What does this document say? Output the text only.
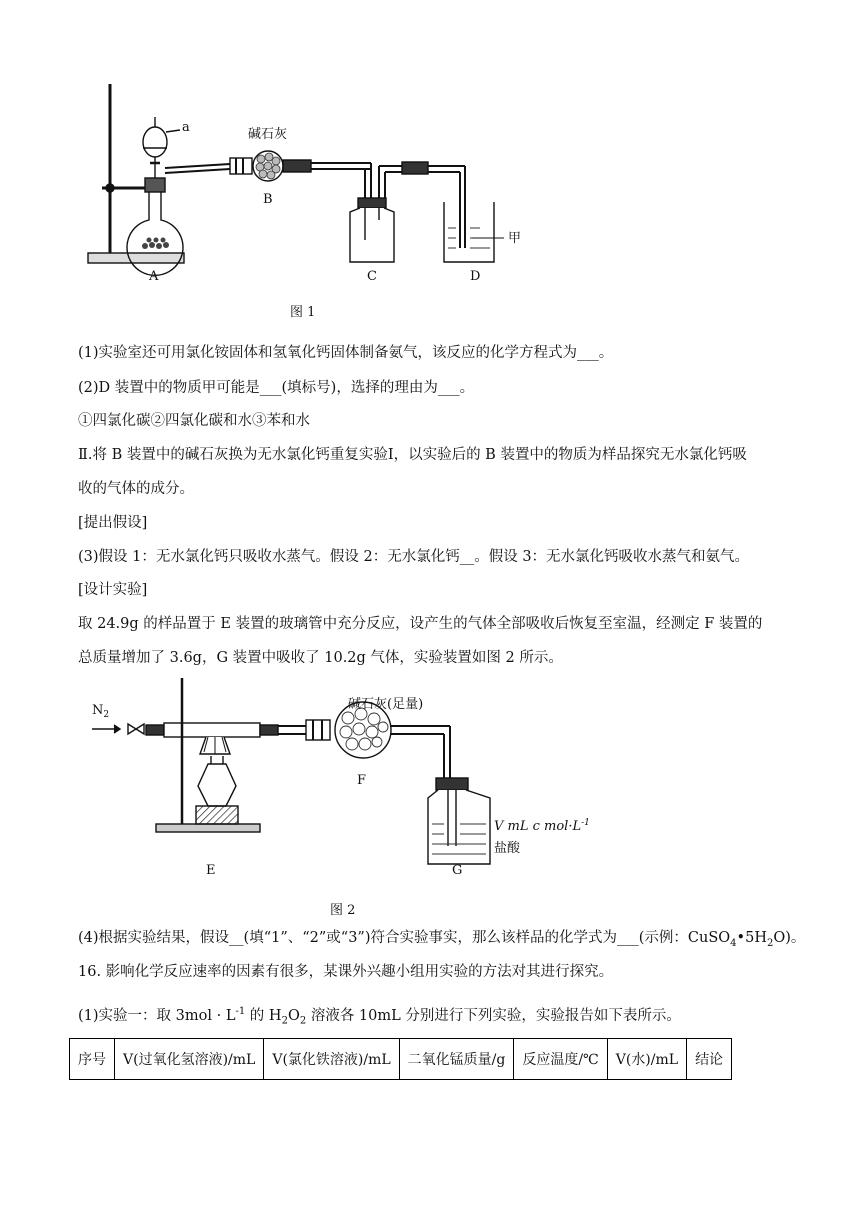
a	碱石灰
B
A	C	D
甲
图 1
(1)实验室还可用氯化铵固体和氢氧化钙固体制备氨气，该反应的化学方程式为___。
(2)D 装置中的物质甲可能是___(填标号)，选择的理由为___。
①四氯化碳②四氯化碳和水③苯和水
Ⅱ.将 B 装置中的碱石灰换为无水氯化钙重复实验Ⅰ，以实验后的 B 装置中的物质为样品探究无水氯化钙吸
收的气体的成分。
[提出假设]
(3)假设 1：无水氯化钙只吸收水蒸气。假设 2：无水氯化钙__。假设 3：无水氯化钙吸收水蒸气和氨气。
[设计实验]
取 24.9g 的样品置于 E 装置的玻璃管中充分反应，设产生的气体全部吸收后恢复至室温，经测定 F 装置的
总质量增加了 3.6g，G 装置中吸收了 10.2g 气体，实验装置如图 2 所示。
$N_2$
碱石灰(足量)
F
E	G
V mL c $mol\cdot L^{-1}$
盐酸
图 2
(4)根据实验结果，假设__(填“1”、“2”或“3”)符合实验事实，那么该样品的化学式为___(示例：$CuSO_4•5H_2O$)。
16. 影响化学反应速率的因素有很多，某课外兴趣小组用实验的方法对其进行探究。
(1)实验一：取 $3mol \cdot L^{-1}$ 的 $H_2O_2$ 溶液各 10mL 分别进行下列实验，实验报告如下表所示。
序号	V(过氧化氢溶液)/mL	V(氯化铁溶液)/mL	二氧化锰质量/g	反应温度/℃	V(水)/mL	结论
